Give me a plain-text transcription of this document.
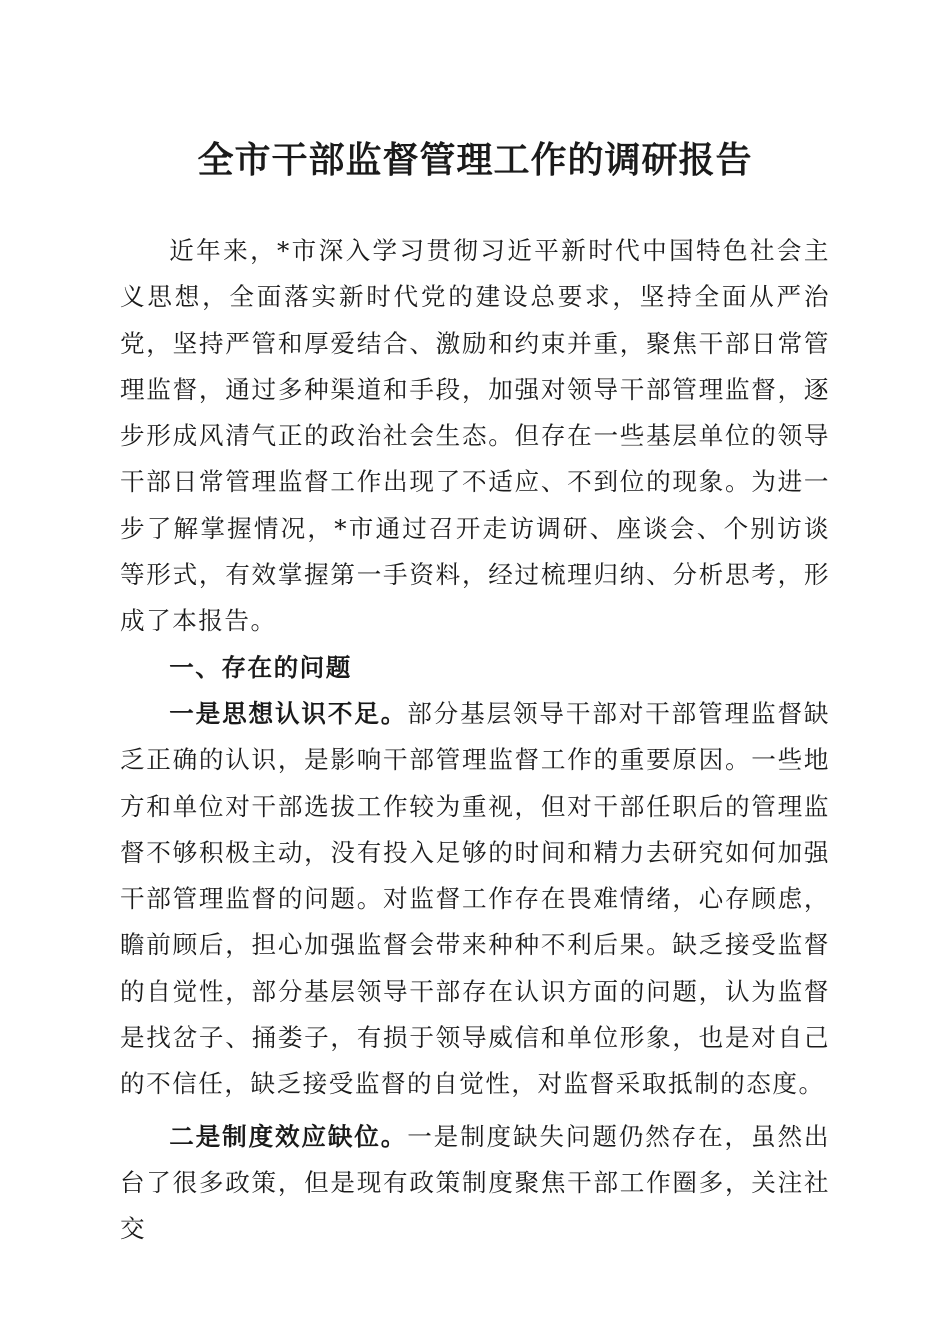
全市干部监督管理工作的调研报告

近年来，*市深入学习贯彻习近平新时代中国特色社会主义思想，全面落实新时代党的建设总要求，坚持全面从严治党，坚持严管和厚爱结合、激励和约束并重，聚焦干部日常管理监督，通过多种渠道和手段，加强对领导干部管理监督，逐步形成风清气正的政治社会生态。但存在一些基层单位的领导干部日常管理监督工作出现了不适应、不到位的现象。为进一步了解掌握情况，*市通过召开走访调研、座谈会、个别访谈等形式，有效掌握第一手资料，经过梳理归纳、分析思考，形成了本报告。

一、存在的问题

一是思想认识不足。部分基层领导干部对干部管理监督缺乏正确的认识，是影响干部管理监督工作的重要原因。一些地方和单位对干部选拔工作较为重视，但对干部任职后的管理监督不够积极主动，没有投入足够的时间和精力去研究如何加强干部管理监督的问题。对监督工作存在畏难情绪，心存顾虑，瞻前顾后，担心加强监督会带来种种不利后果。缺乏接受监督的自觉性，部分基层领导干部存在认识方面的问题，认为监督是找岔子、捅娄子，有损于领导威信和单位形象，也是对自己的不信任，缺乏接受监督的自觉性，对监督采取抵制的态度。

二是制度效应缺位。一是制度缺失问题仍然存在，虽然出台了很多政策，但是现有政策制度聚焦干部工作圈多，关注社交
